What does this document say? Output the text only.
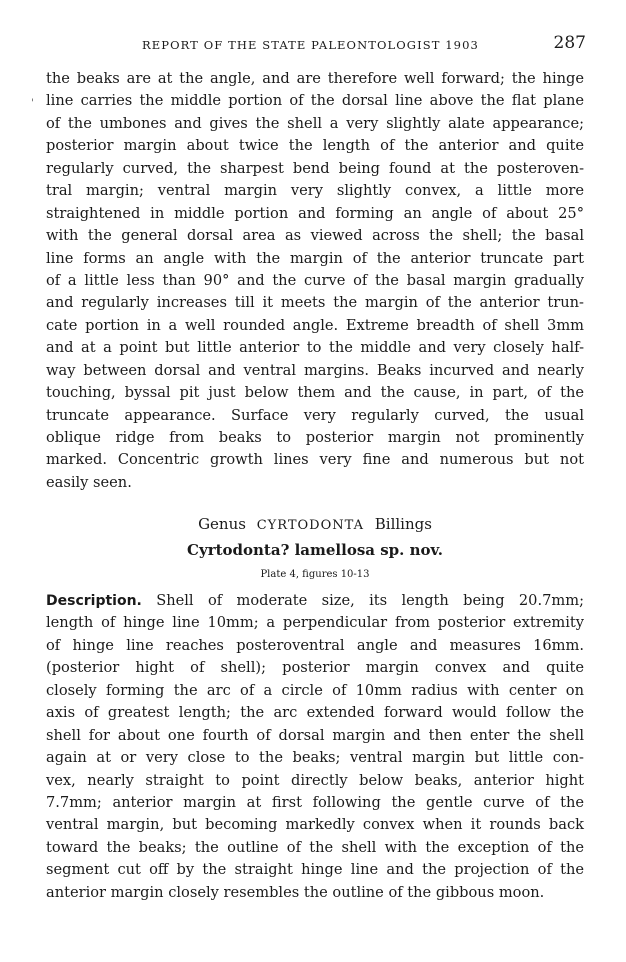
REPORT OF THE STATE PALEONTOLOGIST 1903	287
'
the beaks are at the angle, and are therefore well forward; the hinge
line carries the middle portion of the dorsal line above the flat plane
of the umbones and gives the shell a very slightly alate appearance;
posterior margin about twice the length of the anterior and quite
regularly curved, the sharpest bend being found at the posteroven-
tral margin; ventral margin very slightly convex, a little more
straightened in middle portion and forming an angle of about 25°
with the general dorsal area as viewed across the shell; the basal
line forms an angle with the margin of the anterior truncate part
of a little less than 90° and the curve of the basal margin gradually
and regularly increases till it meets the margin of the anterior trun-
cate portion in a well rounded angle. Extreme breadth of shell 3mm
and at a point but little anterior to the middle and very closely half-
way between dorsal and ventral margins. Beaks incurved and nearly
touching, byssal pit just below them and the cause, in part, of the
truncate appearance. Surface very regularly curved, the usual
oblique ridge from beaks to posterior margin not prominently
marked. Concentric growth lines very fine and numerous but not
easily seen.
Genus CYRTODONTA Billings
Cyrtodonta? lamellosa sp. nov.
Plate 4, figures 10-13
Description. Shell of moderate size, its length being 20.7mm;
length of hinge line 10mm; a perpendicular from posterior extremity
of hinge line reaches posteroventral angle and measures 16mm.
(posterior hight of shell); posterior margin convex and quite
closely forming the arc of a circle of 10mm radius with center on
axis of greatest length; the arc extended forward would follow the
shell for about one fourth of dorsal margin and then enter the shell
again at or very close to the beaks; ventral margin but little con-
vex, nearly straight to point directly below beaks, anterior hight
7.7mm; anterior margin at first following the gentle curve of the
ventral margin, but becoming markedly convex when it rounds back
toward the beaks; the outline of the shell with the exception of the
segment cut off by the straight hinge line and the projection of the
anterior margin closely resembles the outline of the gibbous moon.
